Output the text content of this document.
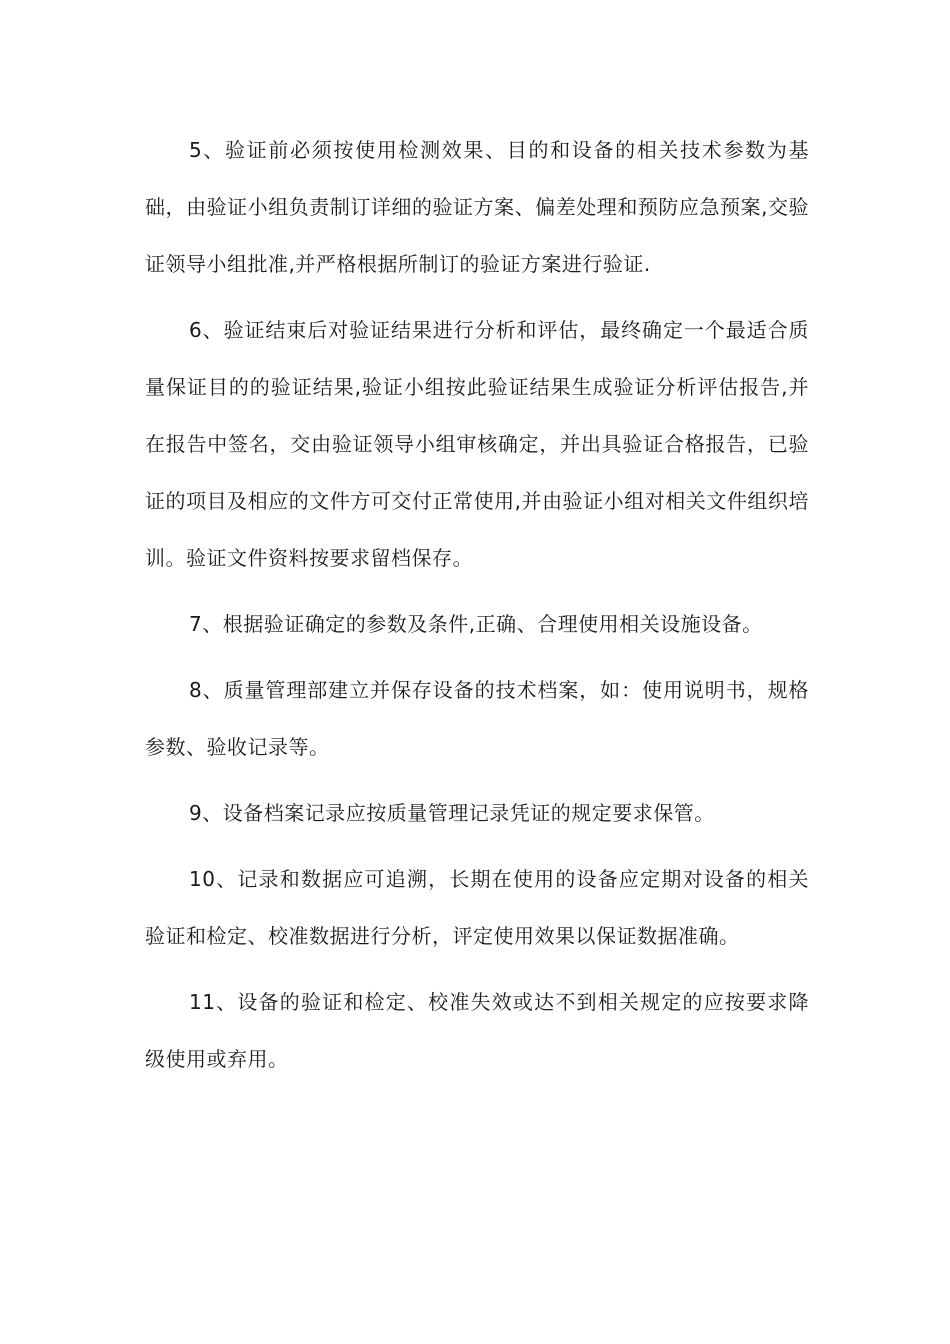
5、验证前必须按使用检测效果、目的和设备的相关技术参数为基础，由验证小组负责制订详细的验证方案、偏差处理和预防应急预案,交验证领导小组批准,并严格根据所制订的验证方案进行验证.

6、验证结束后对验证结果进行分析和评估，最终确定一个最适合质量保证目的的验证结果,验证小组按此验证结果生成验证分析评估报告,并在报告中签名，交由验证领导小组审核确定，并出具验证合格报告，已验证的项目及相应的文件方可交付正常使用,并由验证小组对相关文件组织培训。验证文件资料按要求留档保存。

7、根据验证确定的参数及条件,正确、合理使用相关设施设备。

8、质量管理部建立并保存设备的技术档案，如：使用说明书，规格参数、验收记录等。

9、设备档案记录应按质量管理记录凭证的规定要求保管。

10、记录和数据应可追溯，长期在使用的设备应定期对设备的相关验证和检定、校准数据进行分析，评定使用效果以保证数据准确。

11、设备的验证和检定、校准失效或达不到相关规定的应按要求降级使用或弃用。
